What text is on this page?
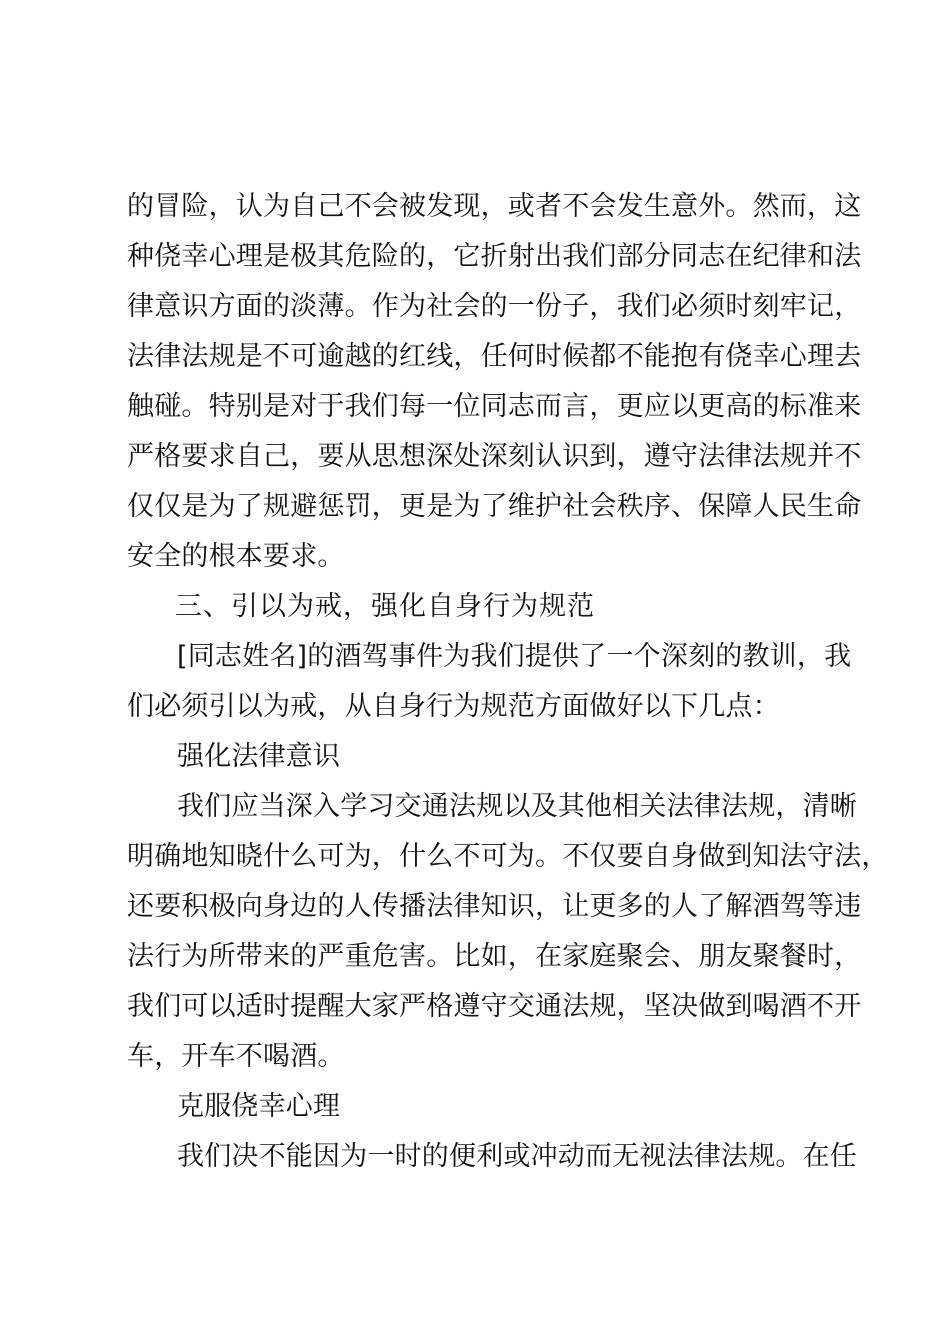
的冒险，认为自己不会被发现，或者不会发生意外。然而，这
种侥幸心理是极其危险的，它折射出我们部分同志在纪律和法
律意识方面的淡薄。作为社会的一份子，我们必须时刻牢记，
法律法规是不可逾越的红线，任何时候都不能抱有侥幸心理去
触碰。特别是对于我们每一位同志而言，更应以更高的标准来
严格要求自己，要从思想深处深刻认识到，遵守法律法规并不
仅仅是为了规避惩罚，更是为了维护社会秩序、保障人民生命
安全的根本要求。
三、引以为戒，强化自身行为规范
[同志姓名]的酒驾事件为我们提供了一个深刻的教训，我
们必须引以为戒，从自身行为规范方面做好以下几点：
强化法律意识
我们应当深入学习交通法规以及其他相关法律法规，清晰
明确地知晓什么可为，什么不可为。不仅要自身做到知法守法，
还要积极向身边的人传播法律知识，让更多的人了解酒驾等违
法行为所带来的严重危害。比如，在家庭聚会、朋友聚餐时，
我们可以适时提醒大家严格遵守交通法规，坚决做到喝酒不开
车，开车不喝酒。
克服侥幸心理
我们决不能因为一时的便利或冲动而无视法律法规。在任
